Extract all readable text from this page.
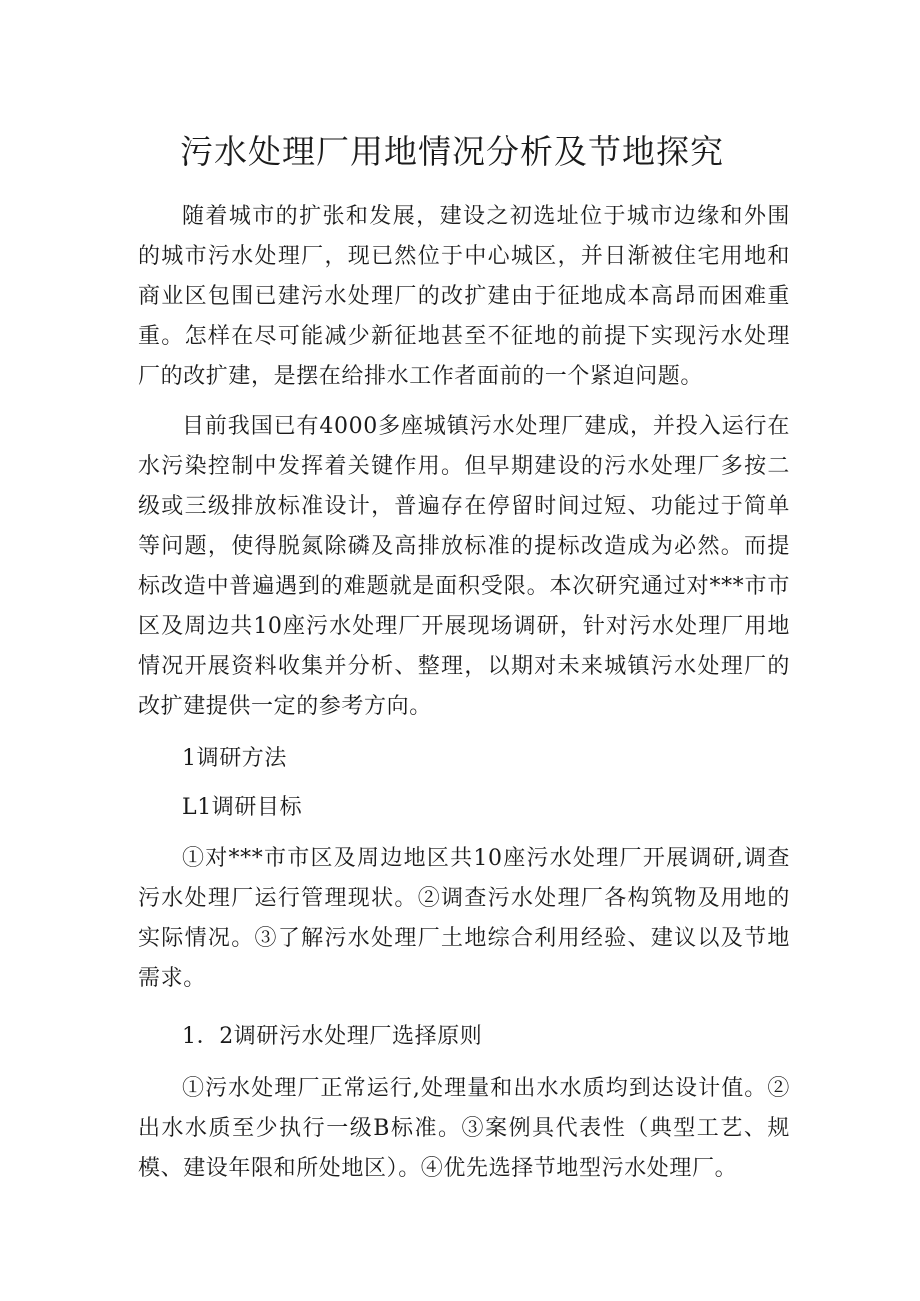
污水处理厂用地情况分析及节地探究

随着城市的扩张和发展，建设之初选址位于城市边缘和外围的城市污水处理厂，现已然位于中心城区，并日渐被住宅用地和商业区包围已建污水处理厂的改扩建由于征地成本高昂而困难重重。怎样在尽可能减少新征地甚至不征地的前提下实现污水处理厂的改扩建，是摆在给排水工作者面前的一个紧迫问题。

目前我国已有4000多座城镇污水处理厂建成，并投入运行在水污染控制中发挥着关键作用。但早期建设的污水处理厂多按二级或三级排放标准设计，普遍存在停留时间过短、功能过于简单等问题，使得脱氮除磷及高排放标准的提标改造成为必然。而提标改造中普遍遇到的难题就是面积受限。本次研究通过对***市市区及周边共10座污水处理厂开展现场调研，针对污水处理厂用地情况开展资料收集并分析、整理，以期对未来城镇污水处理厂的改扩建提供一定的参考方向。

1调研方法
L1调研目标

①对***市市区及周边地区共10座污水处理厂开展调研,调查污水处理厂运行管理现状。②调查污水处理厂各构筑物及用地的实际情况。③了解污水处理厂土地综合利用经验、建议以及节地需求。

1．2调研污水处理厂选择原则

①污水处理厂正常运行,处理量和出水水质均到达设计值。②出水水质至少执行一级B标准。③案例具代表性（典型工艺、规模、建设年限和所处地区）。④优先选择节地型污水处理厂。
